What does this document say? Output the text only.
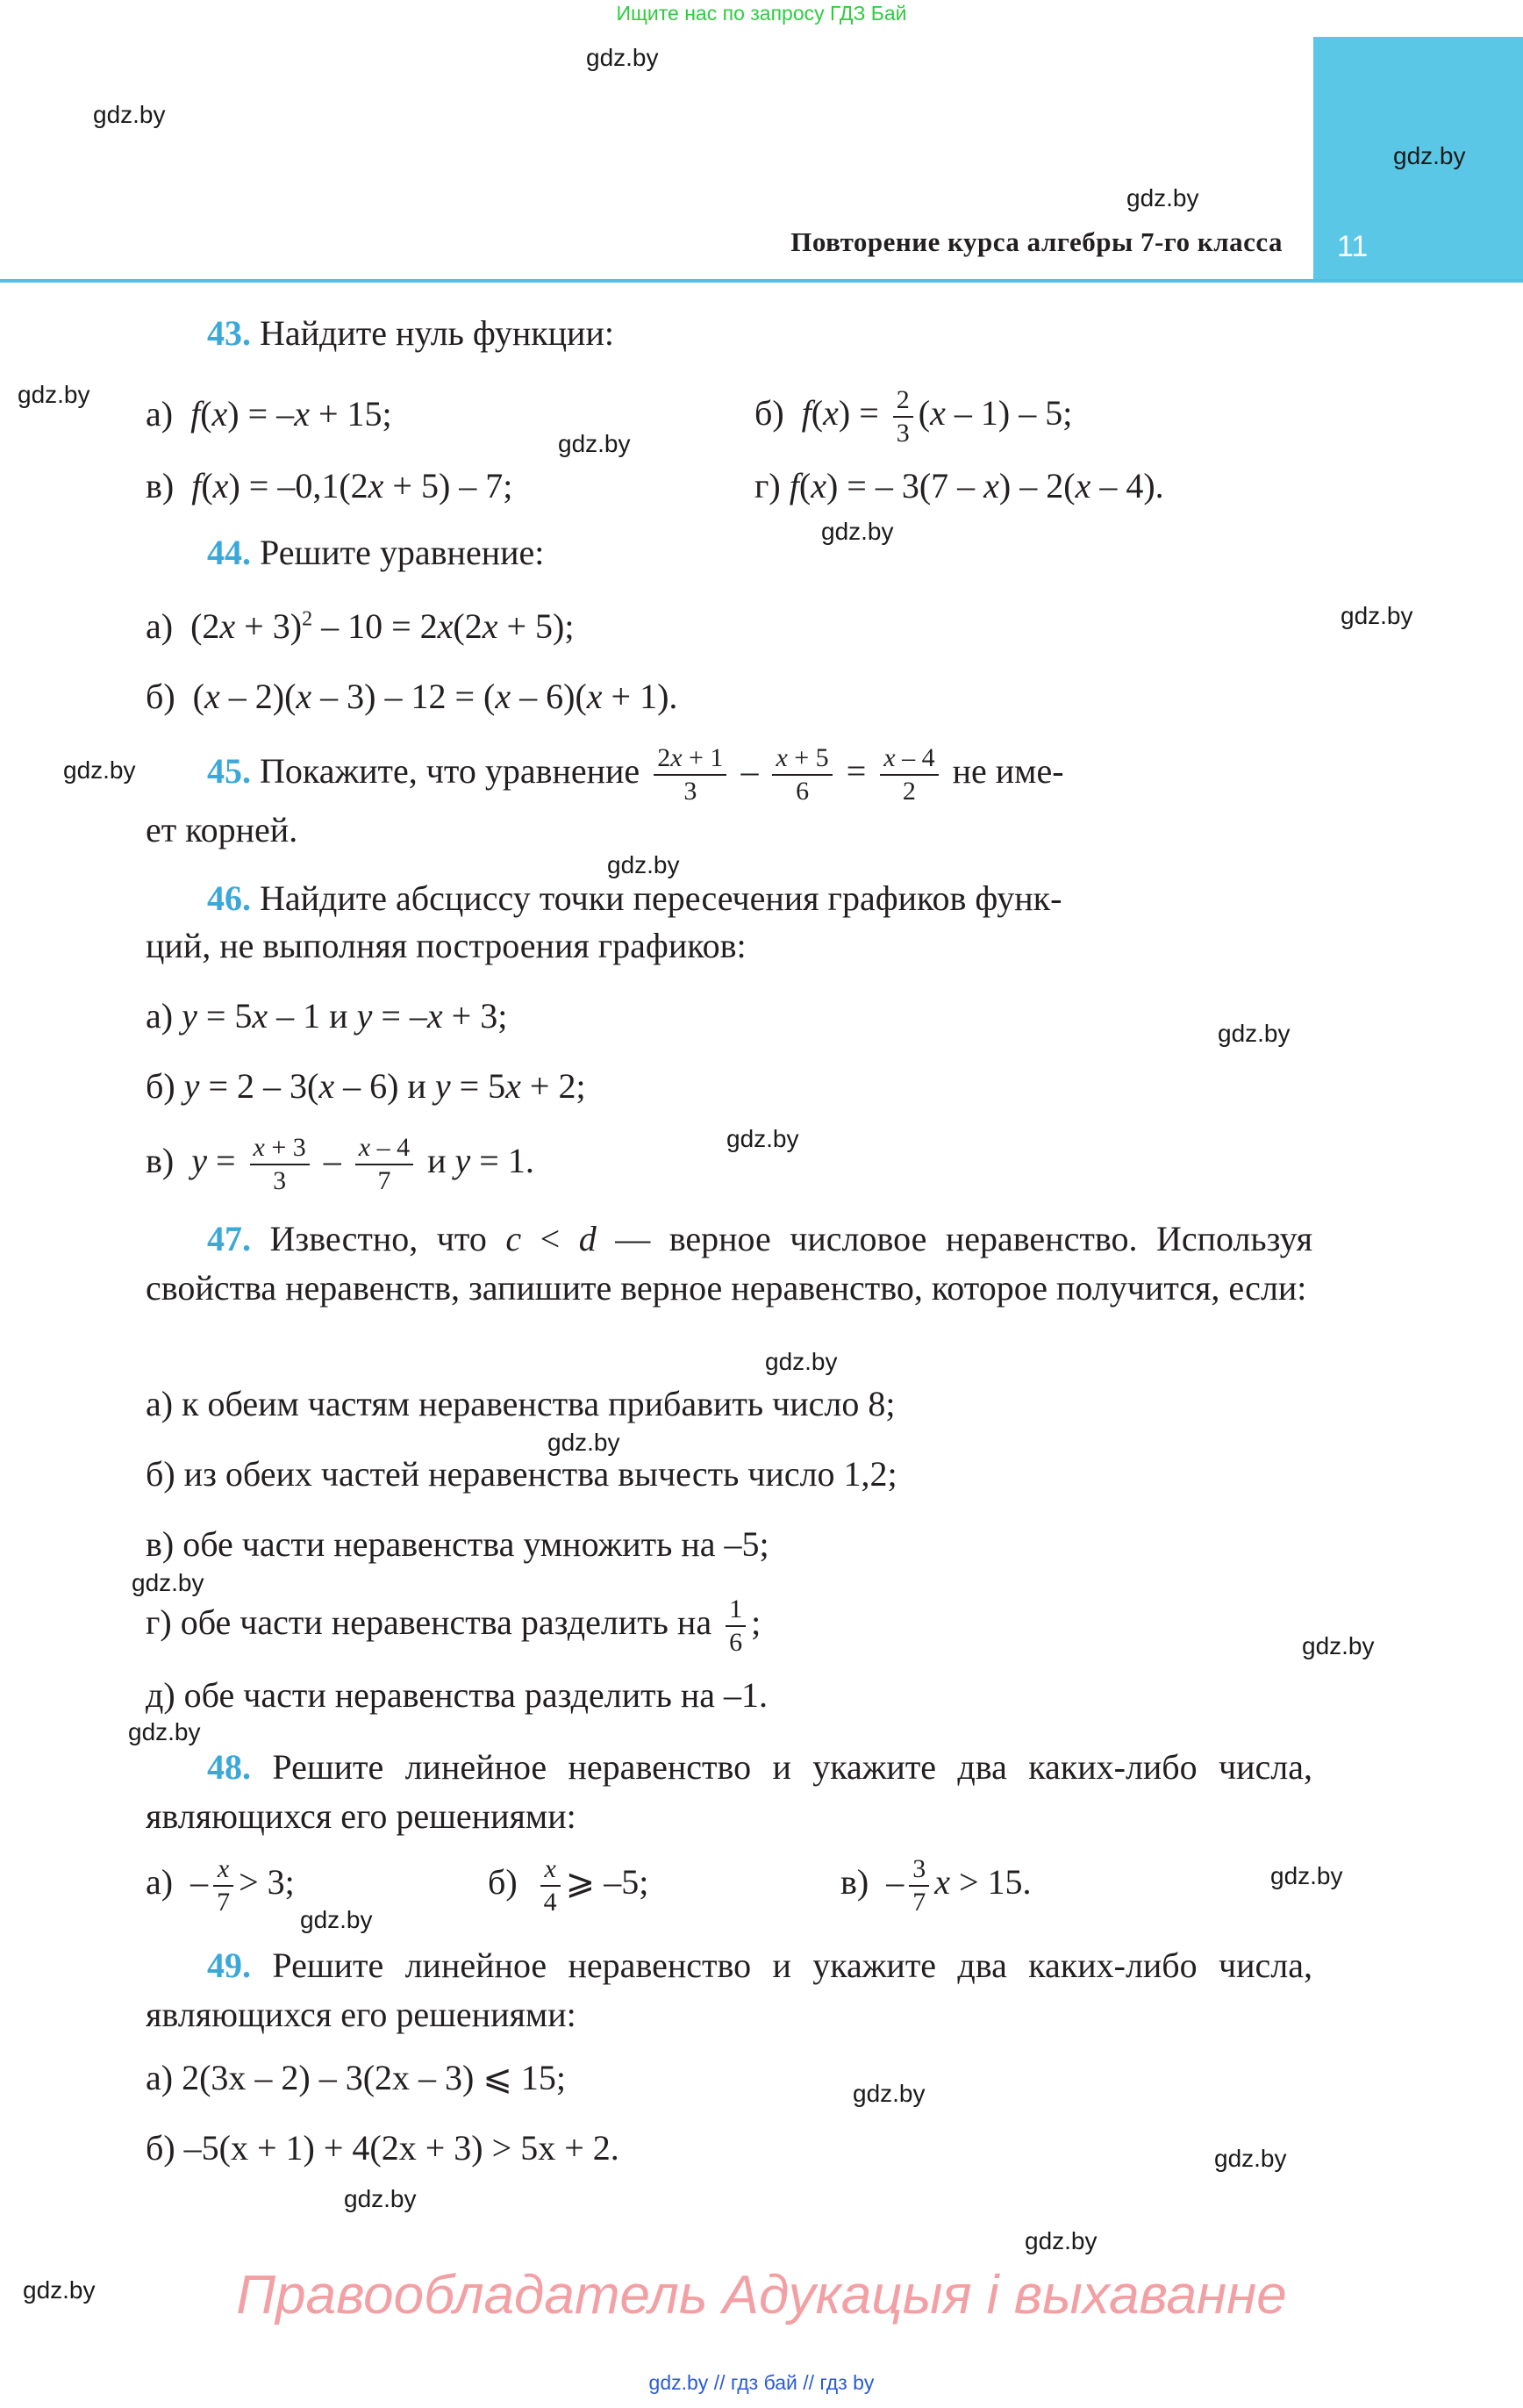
Ищите нас по запросу ГДЗ Бай
11
Повторение курса алгебры 7-го класса
gdz.by
gdz.by
gdz.by
gdz.by
gdz.by
gdz.by
gdz.by
gdz.by
gdz.by
gdz.by
gdz.by
gdz.by
gdz.by
gdz.by
gdz.by
gdz.by
gdz.by
gdz.by
gdz.by
gdz.by
gdz.by
gdz.by
gdz.by
gdz.by
43. Найдите нуль функции:
а)  f(x) = –x + 15;	б)  $f(x) = \frac{2}{3} (x - 1) - 5$;
в)  f(x) = –0,1(2x + 5) – 7;	г) f(x) = – 3(7 – x) – 2(x – 4).
44. Решите уравнение:
а)  $(2x + 3)^2 - 10 = 2x(2x + 5)$;
б)  (x – 2)(x – 3) – 12 = (x – 6)(x + 1).
45. Покажите, что уравнение $\frac{2x + 1}{3} - \frac{x + 5}{6} = \frac{x - 4}{2}$ не име-
ет корней.
46. Найдите абсциссу точки пересечения графиков функ-
ций, не выполняя построения графиков:
а) y = 5x – 1 и y = –x + 3;
б) y = 2 – 3(x – 6) и y = 5x + 2;
в)  $y = \frac{x + 3}{3} - \frac{x - 4}{7}$ и y = 1.
47. Известно, что c < d — верное числовое неравенство. Используя свойства неравенств, запишите верное неравенство, которое получится, если:
а) к обеим частям неравенства прибавить число 8;
б) из обеих частей неравенства вычесть число 1,2;
в) обе части неравенства умножить на –5;
г) обе части неравенства разделить на $\frac{1}{6}$ ;
д) обе части неравенства разделить на –1.
48. Решите линейное неравенство и укажите два каких-либо числа, являющихся его решениями:
$а) - \frac{x}{7} > 3$;	$б) \frac{x}{4}$ ⩾ –5;	$в) - \frac{3}{7}$ x > 15.
49. Решите линейное неравенство и укажите два каких-либо числа, являющихся его решениями:
а) 2(3x – 2) – 3(2x – 3) ⩽ 15;
б) –5(x + 1) + 4(2x + 3) > 5x + 2.
Правообладатель Адукацыя і выхаванне
gdz.by // гдз бай // гдз by
